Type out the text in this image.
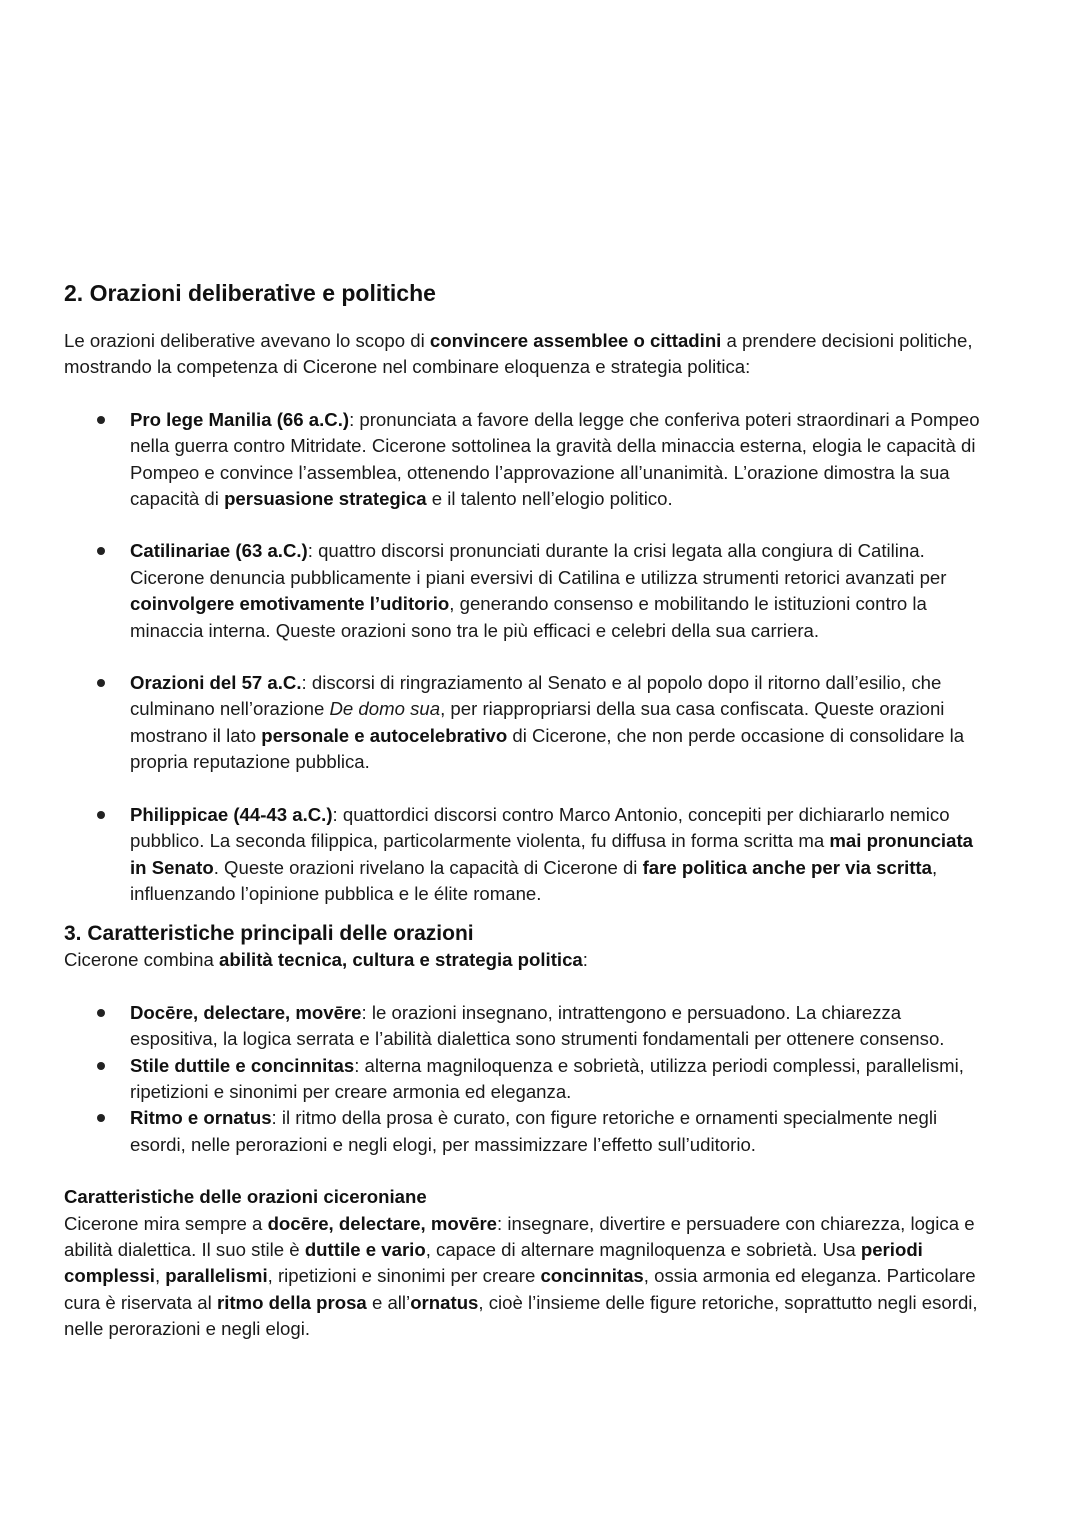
2. Orazioni deliberative e politiche

Le orazioni deliberative avevano lo scopo di convincere assemblee o cittadini a prendere decisioni politiche, mostrando la competenza di Cicerone nel combinare eloquenza e strategia politica:

Pro lege Manilia (66 a.C.): pronunciata a favore della legge che conferiva poteri straordinari a Pompeo nella guerra contro Mitridate. Cicerone sottolinea la gravità della minaccia esterna, elogia le capacità di Pompeo e convince l’assemblea, ottenendo l’approvazione all’unanimità. L’orazione dimostra la sua capacità di persuasione strategica e il talento nell’elogio politico.
Catilinariae (63 a.C.): quattro discorsi pronunciati durante la crisi legata alla congiura di Catilina. Cicerone denuncia pubblicamente i piani eversivi di Catilina e utilizza strumenti retorici avanzati per coinvolgere emotivamente l’uditorio, generando consenso e mobilitando le istituzioni contro la minaccia interna. Queste orazioni sono tra le più efficaci e celebri della sua carriera.
Orazioni del 57 a.C.: discorsi di ringraziamento al Senato e al popolo dopo il ritorno dall’esilio, che culminano nell’orazione De domo sua, per riappropriarsi della sua casa confiscata. Queste orazioni mostrano il lato personale e autocelebrativo di Cicerone, che non perde occasione di consolidare la propria reputazione pubblica.
Philippicae (44-43 a.C.): quattordici discorsi contro Marco Antonio, concepiti per dichiararlo nemico pubblico. La seconda filippica, particolarmente violenta, fu diffusa in forma scritta ma mai pronunciata in Senato. Queste orazioni rivelano la capacità di Cicerone di fare politica anche per via scritta, influenzando l’opinione pubblica e le élite romane.
3. Caratteristiche principali delle orazioni

Cicerone combina abilità tecnica, cultura e strategia politica:

Docēre, delectare, movēre: le orazioni insegnano, intrattengono e persuadono. La chiarezza espositiva, la logica serrata e l’abilità dialettica sono strumenti fondamentali per ottenere consenso.
Stile duttile e concinnitas: alterna magniloquenza e sobrietà, utilizza periodi complessi, parallelismi, ripetizioni e sinonimi per creare armonia ed eleganza.
Ritmo e ornatus: il ritmo della prosa è curato, con figure retoriche e ornamenti specialmente negli esordi, nelle perorazioni e negli elogi, per massimizzare l’effetto sull’uditorio.

Caratteristiche delle orazioni ciceroniane

Cicerone mira sempre a docēre, delectare, movēre: insegnare, divertire e persuadere con chiarezza, logica e abilità dialettica. Il suo stile è duttile e vario, capace di alternare magniloquenza e sobrietà. Usa periodi complessi, parallelismi, ripetizioni e sinonimi per creare concinnitas, ossia armonia ed eleganza. Particolare cura è riservata al ritmo della prosa e all’ornatus, cioè l’insieme delle figure retoriche, soprattutto negli esordi, nelle perorazioni e negli elogi.
